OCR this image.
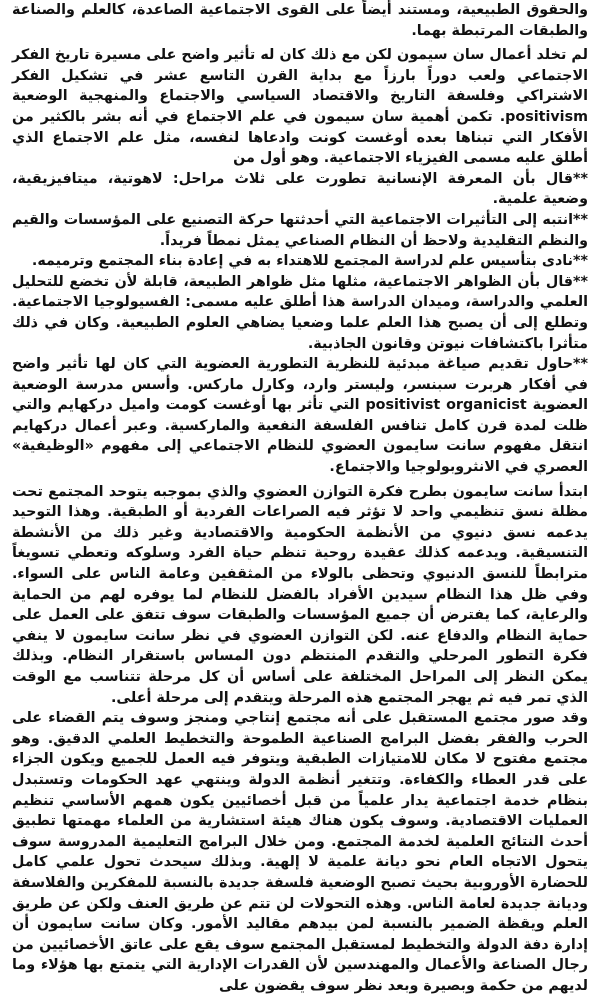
والحقوق الطبيعية، ومستند أيضاً على القوى الاجتماعية الصاعدة، كالعلم والصناعة والطبقات المرتبطة بهما.

لم تخلد أعمال سان سيمون لكن مع ذلك كان له تأثير واضح على مسيرة تاريخ الفكر الاجتماعي ولعب دوراً بارزاً مع بداية القرن التاسع عشر في تشكيل الفكر الاشتراكي وفلسفة التاريخ والاقتصاد السياسي والاجتماع والمنهجية الوضعية positivism. تكمن أهمية سان سيمون في علم الاجتماع في أنه بشر بالكثير من الأفكار التي تبناها بعده أوغست كونت وادعاها لنفسه، مثل علم الاجتماع الذي أطلق عليه مسمى الفيزياء الاجتماعية. وهو أول من

**قال بأن المعرفة الإنسانية تطورت على ثلاث مراحل: لاهوتية، ميتافيزيقية، وضعية علمية.

**انتبه إلى التأثيرات الاجتماعية التي أحدثتها حركة التصنيع على المؤسسات والقيم والنظم التقليدية ولاحظ أن النظام الصناعي يمثل نمطاً فريداً.

**نادى بتأسيس علم لدراسة المجتمع للاهتداء به في إعادة بناء المجتمع وترميمه.

**قال بأن الظواهر الاجتماعية، مثلها مثل ظواهر الطبيعة، قابلة لأن تخضع للتحليل العلمي والدراسة، وميدان الدراسة هذا أطلق عليه مسمى: الفسيولوجيا الاجتماعية. وتطلع إلى أن يصبح هذا العلم علما وضعيا يضاهي العلوم الطبيعية. وكان في ذلك متأثرا باكتشافات نيوتن وقانون الجاذبية.

**حاول تقديم صياغة مبدئية للنظرية التطورية العضوية التي كان لها تأثير واضح في أفكار هربرت سبنسر، وليستر وارد، وكارل ماركس. وأسس مدرسة الوضعية العضوية positivist organicist التي تأثر بها أوغست كومت واميل دركهايم والتي ظلت لمدة قرن كامل تنافس الفلسفة النفعية والماركسية. وعبر أعمال دركهايم انتقل مفهوم سانت سايمون العضوي للنظام الاجتماعي إلى مفهوم «الوظيفية» العصري في الانثروبولوجيا والاجتماع.

ابتدأ سانت سايمون بطرح فكرة التوازن العضوي والذي بموجبه يتوحد المجتمع تحت مظلة نسق تنظيمي واحد لا تؤثر فيه الصراعات الفردية أو الطبقية. وهذا التوحيد يدعمه نسق دنيوي من الأنظمة الحكومية والاقتصادية وغير ذلك من الأنشطة التنسيقية. ويدعمه كذلك عقيدة روحية تنظم حياة الفرد وسلوكه وتعطي تسويغاً مترابطاً للنسق الدنيوي وتحظى بالولاء من المثقفين وعامة الناس على السواء. وفي ظل هذا النظام سيدين الأفراد بالفضل للنظام لما يوفره لهم من الحماية والرعاية، كما يفترض أن جميع المؤسسات والطبقات سوف تتفق على العمل على حماية النظام والدفاع عنه. لكن التوازن العضوي في نظر سانت سايمون لا ينفي فكرة التطور المرحلي والتقدم المنتظم دون المساس باستقرار النظام. وبذلك يمكن النظر إلى المراحل المختلفة على أساس أن كل مرحلة تتناسب مع الوقت الذي تمر فيه ثم يهجر المجتمع هذه المرحلة ويتقدم إلى مرحلة أعلى.

وقد صور مجتمع المستقبل على أنه مجتمع إنتاجي ومنجز وسوف يتم القضاء على الحرب والفقر بفضل البرامج الصناعية الطموحة والتخطيط العلمي الدقيق. وهو مجتمع مفتوح لا مكان للامتيازات الطبقية ويتوفر فيه العمل للجميع ويكون الجزاء على قدر العطاء والكفاءة. وتتغير أنظمة الدولة وينتهي عهد الحكومات وتستبدل بنظام خدمة اجتماعية يدار علمياً من قبل أخصائيين يكون همهم الأساسي تنظيم العمليات الاقتصادية. وسوف يكون هناك هيئة استشارية من العلماء مهمتها تطبيق أحدث النتائج العلمية لخدمة المجتمع. ومن خلال البرامج التعليمية المدروسة سوف يتحول الاتجاه العام نحو ديانة علمية لا إلهية. وبذلك سيحدث تحول علمي كامل للحضارة الأوروبية بحيث تصبح الوضعية فلسفة جديدة بالنسبة للمفكرين والفلاسفة وديانة جديدة لعامة الناس. وهذه التحولات لن تتم عن طريق العنف ولكن عن طريق العلم ويقظة الضمير بالنسبة لمن بيدهم مقاليد الأمور. وكان سانت سايمون أن إدارة دفة الدولة والتخطيط لمستقبل المجتمع سوف يقع على عاتق الأخصائيين من رجال الصناعة والأعمال والمهندسين لأن القدرات الإدارية التي يتمتع بها هؤلاء وما لديهم من حكمة وبصيرة وبعد نظر سوف يقضون على
